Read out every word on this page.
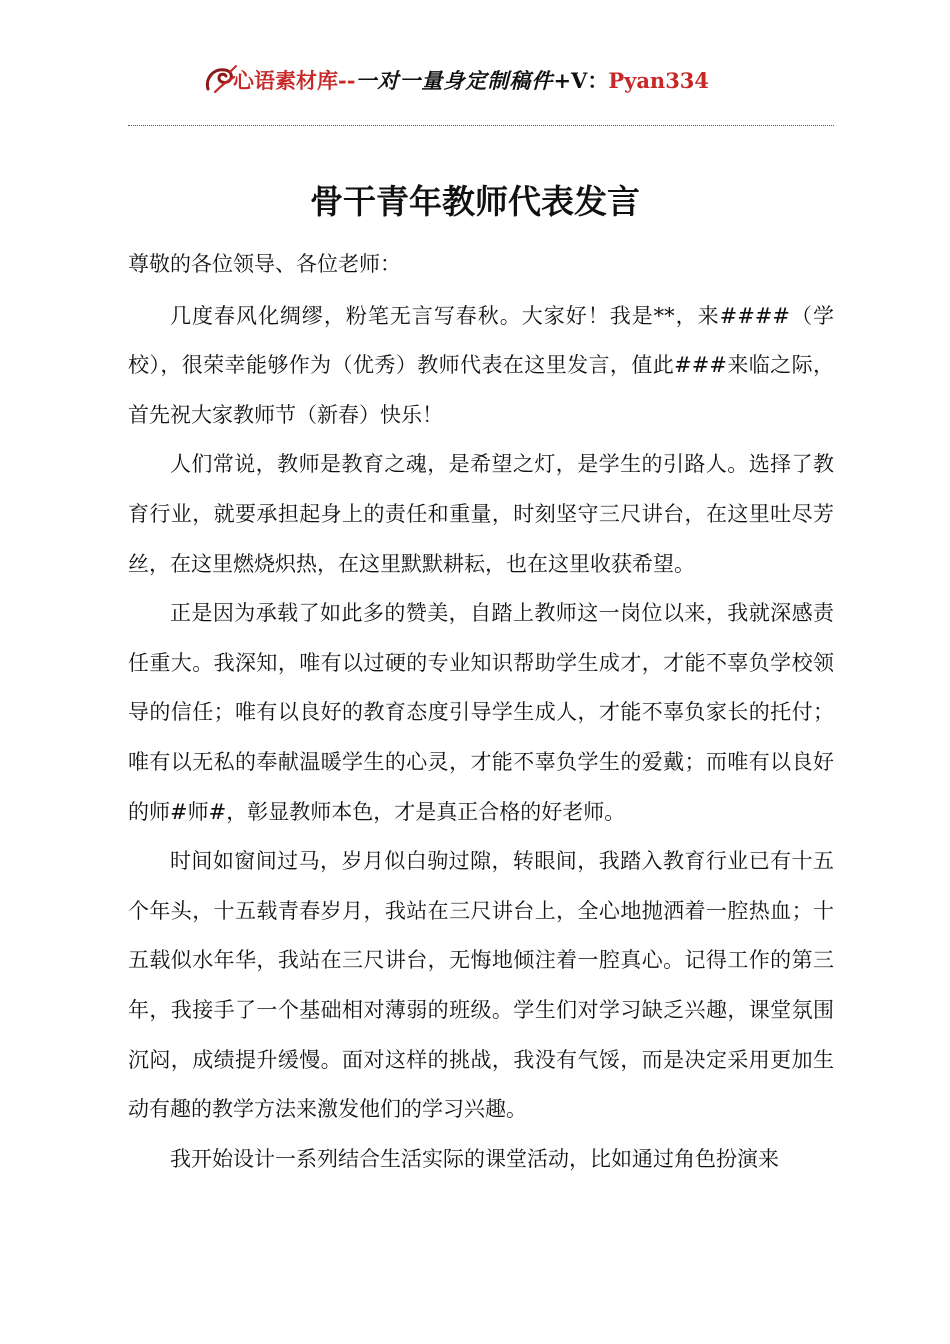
心语素材库--一对一量身定制稿件+V：Pyan334
骨干青年教师代表发言

尊敬的各位领导、各位老师：

几度春风化绸缪，粉笔无言写春秋。大家好！我是**，来####（学校），很荣幸能够作为（优秀）教师代表在这里发言，值此###来临之际，首先祝大家教师节（新春）快乐！

人们常说，教师是教育之魂，是希望之灯，是学生的引路人。选择了教育行业，就要承担起身上的责任和重量，时刻坚守三尺讲台，在这里吐尽芳丝，在这里燃烧炽热，在这里默默耕耘，也在这里收获希望。

正是因为承载了如此多的赞美，自踏上教师这一岗位以来，我就深感责任重大。我深知，唯有以过硬的专业知识帮助学生成才，才能不辜负学校领导的信任；唯有以良好的教育态度引导学生成人，才能不辜负家长的托付；唯有以无私的奉献温暖学生的心灵，才能不辜负学生的爱戴；而唯有以良好的师#师#，彰显教师本色，才是真正合格的好老师。

时间如窗间过马，岁月似白驹过隙，转眼间，我踏入教育行业已有十五个年头，十五载青春岁月，我站在三尺讲台上，全心地抛洒着一腔热血；十五载似水年华，我站在三尺讲台，无悔地倾注着一腔真心。记得工作的第三年，我接手了一个基础相对薄弱的班级。学生们对学习缺乏兴趣，课堂氛围沉闷，成绩提升缓慢。面对这样的挑战，我没有气馁，而是决定采用更加生动有趣的教学方法来激发他们的学习兴趣。

我开始设计一系列结合生活实际的课堂活动，比如通过角色扮演来
